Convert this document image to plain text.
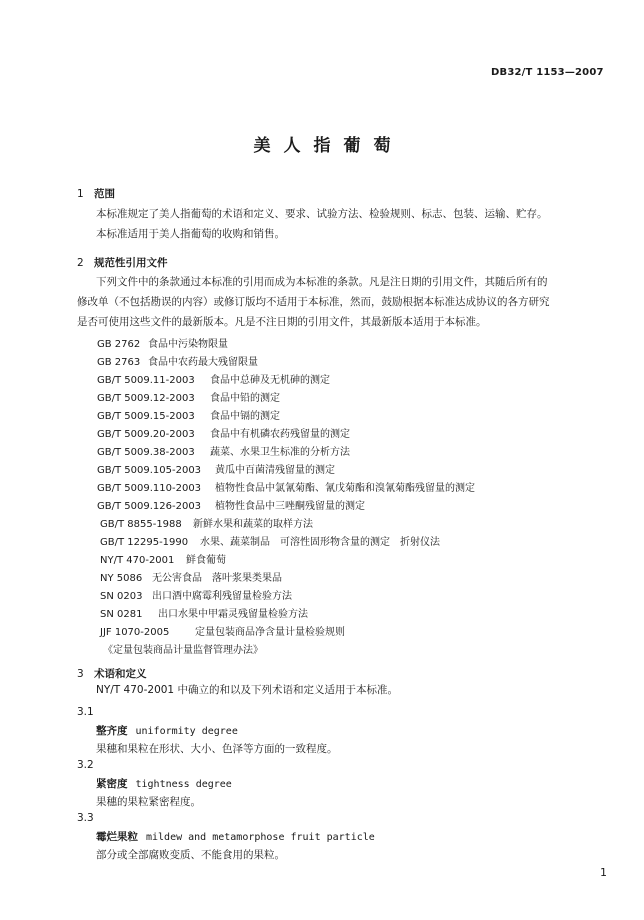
DB32/T 1153—2007
美人指葡萄
1 范围
本标准规定了美人指葡萄的术语和定义、要求、试验方法、检验规则、标志、包装、运输、贮存。
本标准适用于美人指葡萄的收购和销售。
2 规范性引用文件
下列文件中的条款通过本标准的引用而成为本标准的条款。凡是注日期的引用文件，其随后所有的
修改单（不包括勘误的内容）或修订版均不适用于本标准，然而，鼓励根据本标准达成协议的各方研究
是否可使用这些文件的最新版本。凡是不注日期的引用文件，其最新版本适用于本标准。
GB 2762 食品中污染物限量
GB 2763 食品中农药最大残留限量
GB/T 5009.11-2003 食品中总砷及无机砷的测定
GB/T 5009.12-2003 食品中铅的测定
GB/T 5009.15-2003 食品中镉的测定
GB/T 5009.20-2003 食品中有机磷农药残留量的测定
GB/T 5009.38-2003 蔬菜、水果卫生标准的分析方法
GB/T 5009.105-2003 黄瓜中百菌清残留量的测定
GB/T 5009.110-2003 植物性食品中氯氰菊酯、氰戊菊酯和溴氰菊酯残留量的测定
GB/T 5009.126-2003 植物性食品中三唑酮残留量的测定
GB/T 8855-1988 新鲜水果和蔬菜的取样方法
GB/T 12295-1990 水果、蔬菜制品　可溶性固形物含量的测定　折射仪法
NY/T 470-2001 鲜食葡萄
NY 5086 无公害食品　落叶浆果类果品
SN 0203 出口酒中腐霉利残留量检验方法
SN 0281 出口水果中甲霜灵残留量检验方法
JJF 1070-2005	定量包装商品净含量计量检验规则
《定量包装商品计量监督管理办法》
3 术语和定义
NY/T 470-2001 中确立的和以及下列术语和定义适用于本标准。
3.1
整齐度 uniformity degree
果穗和果粒在形状、大小、色泽等方面的一致程度。
3.2
紧密度 tightness degree
果穗的果粒紧密程度。
3.3
霉烂果粒 mildew and metamorphose fruit particle
部分或全部腐败变质、不能食用的果粒。
1
